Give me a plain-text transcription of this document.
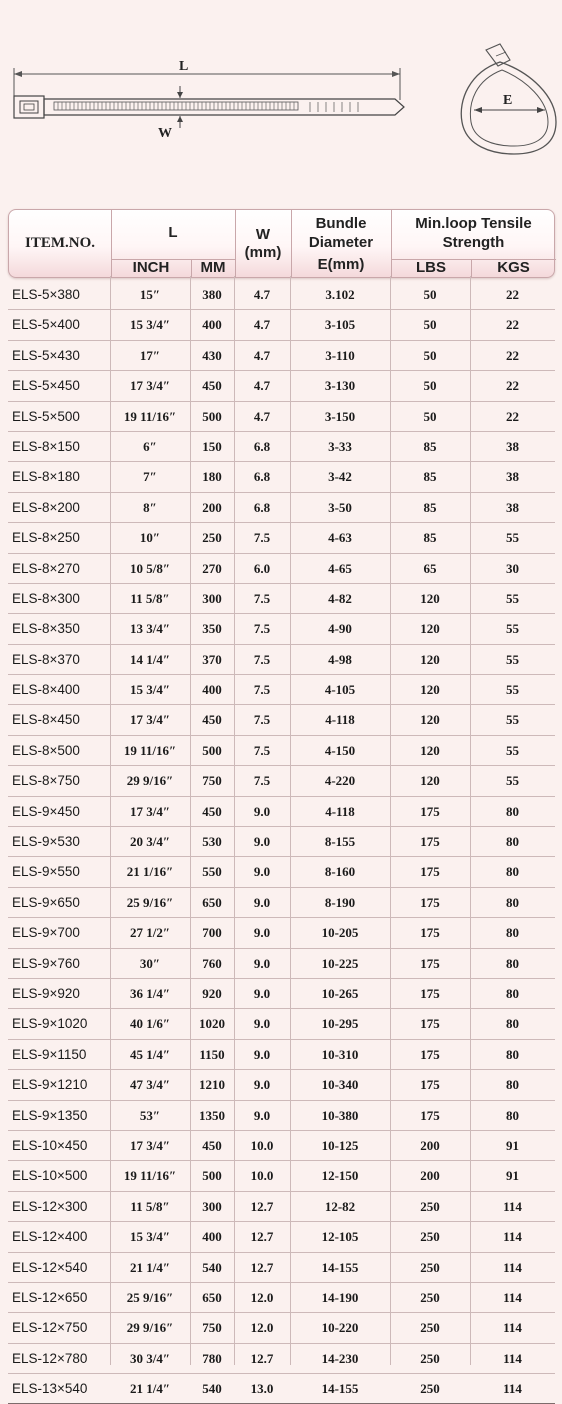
L
W
E
ITEM.NO.
L
INCH	MM
W
(mm)
Bundle
Diameter
E(mm)
Min.loop Tensile
Strength
LBS	KGS
ELS-5×380	15″	380	4.7	3.102	50	22
ELS-5×400	15 3/4″	400	4.7	3-105	50	22
ELS-5×430	17″	430	4.7	3-110	50	22
ELS-5×450	17 3/4″	450	4.7	3-130	50	22
ELS-5×500	19 11/16″	500	4.7	3-150	50	22
ELS-8×150	6″	150	6.8	3-33	85	38
ELS-8×180	7″	180	6.8	3-42	85	38
ELS-8×200	8″	200	6.8	3-50	85	38
ELS-8×250	10″	250	7.5	4-63	85	55
ELS-8×270	10 5/8″	270	6.0	4-65	65	30
ELS-8×300	11 5/8″	300	7.5	4-82	120	55
ELS-8×350	13 3/4″	350	7.5	4-90	120	55
ELS-8×370	14 1/4″	370	7.5	4-98	120	55
ELS-8×400	15 3/4″	400	7.5	4-105	120	55
ELS-8×450	17 3/4″	450	7.5	4-118	120	55
ELS-8×500	19 11/16″	500	7.5	4-150	120	55
ELS-8×750	29 9/16″	750	7.5	4-220	120	55
ELS-9×450	17 3/4″	450	9.0	4-118	175	80
ELS-9×530	20 3/4″	530	9.0	8-155	175	80
ELS-9×550	21 1/16″	550	9.0	8-160	175	80
ELS-9×650	25 9/16″	650	9.0	8-190	175	80
ELS-9×700	27 1/2″	700	9.0	10-205	175	80
ELS-9×760	30″	760	9.0	10-225	175	80
ELS-9×920	36 1/4″	920	9.0	10-265	175	80
ELS-9×1020	40 1/6″	1020	9.0	10-295	175	80
ELS-9×1150	45 1/4″	1150	9.0	10-310	175	80
ELS-9×1210	47 3/4″	1210	9.0	10-340	175	80
ELS-9×1350	53″	1350	9.0	10-380	175	80
ELS-10×450	17 3/4″	450	10.0	10-125	200	91
ELS-10×500	19 11/16″	500	10.0	12-150	200	91
ELS-12×300	11 5/8″	300	12.7	12-82	250	114
ELS-12×400	15 3/4″	400	12.7	12-105	250	114
ELS-12×540	21 1/4″	540	12.7	14-155	250	114
ELS-12×650	25 9/16″	650	12.0	14-190	250	114
ELS-12×750	29 9/16″	750	12.0	10-220	250	114
ELS-12×780	30 3/4″	780	12.7	14-230	250	114
ELS-13×540	21 1/4″	540	13.0	14-155	250	114
